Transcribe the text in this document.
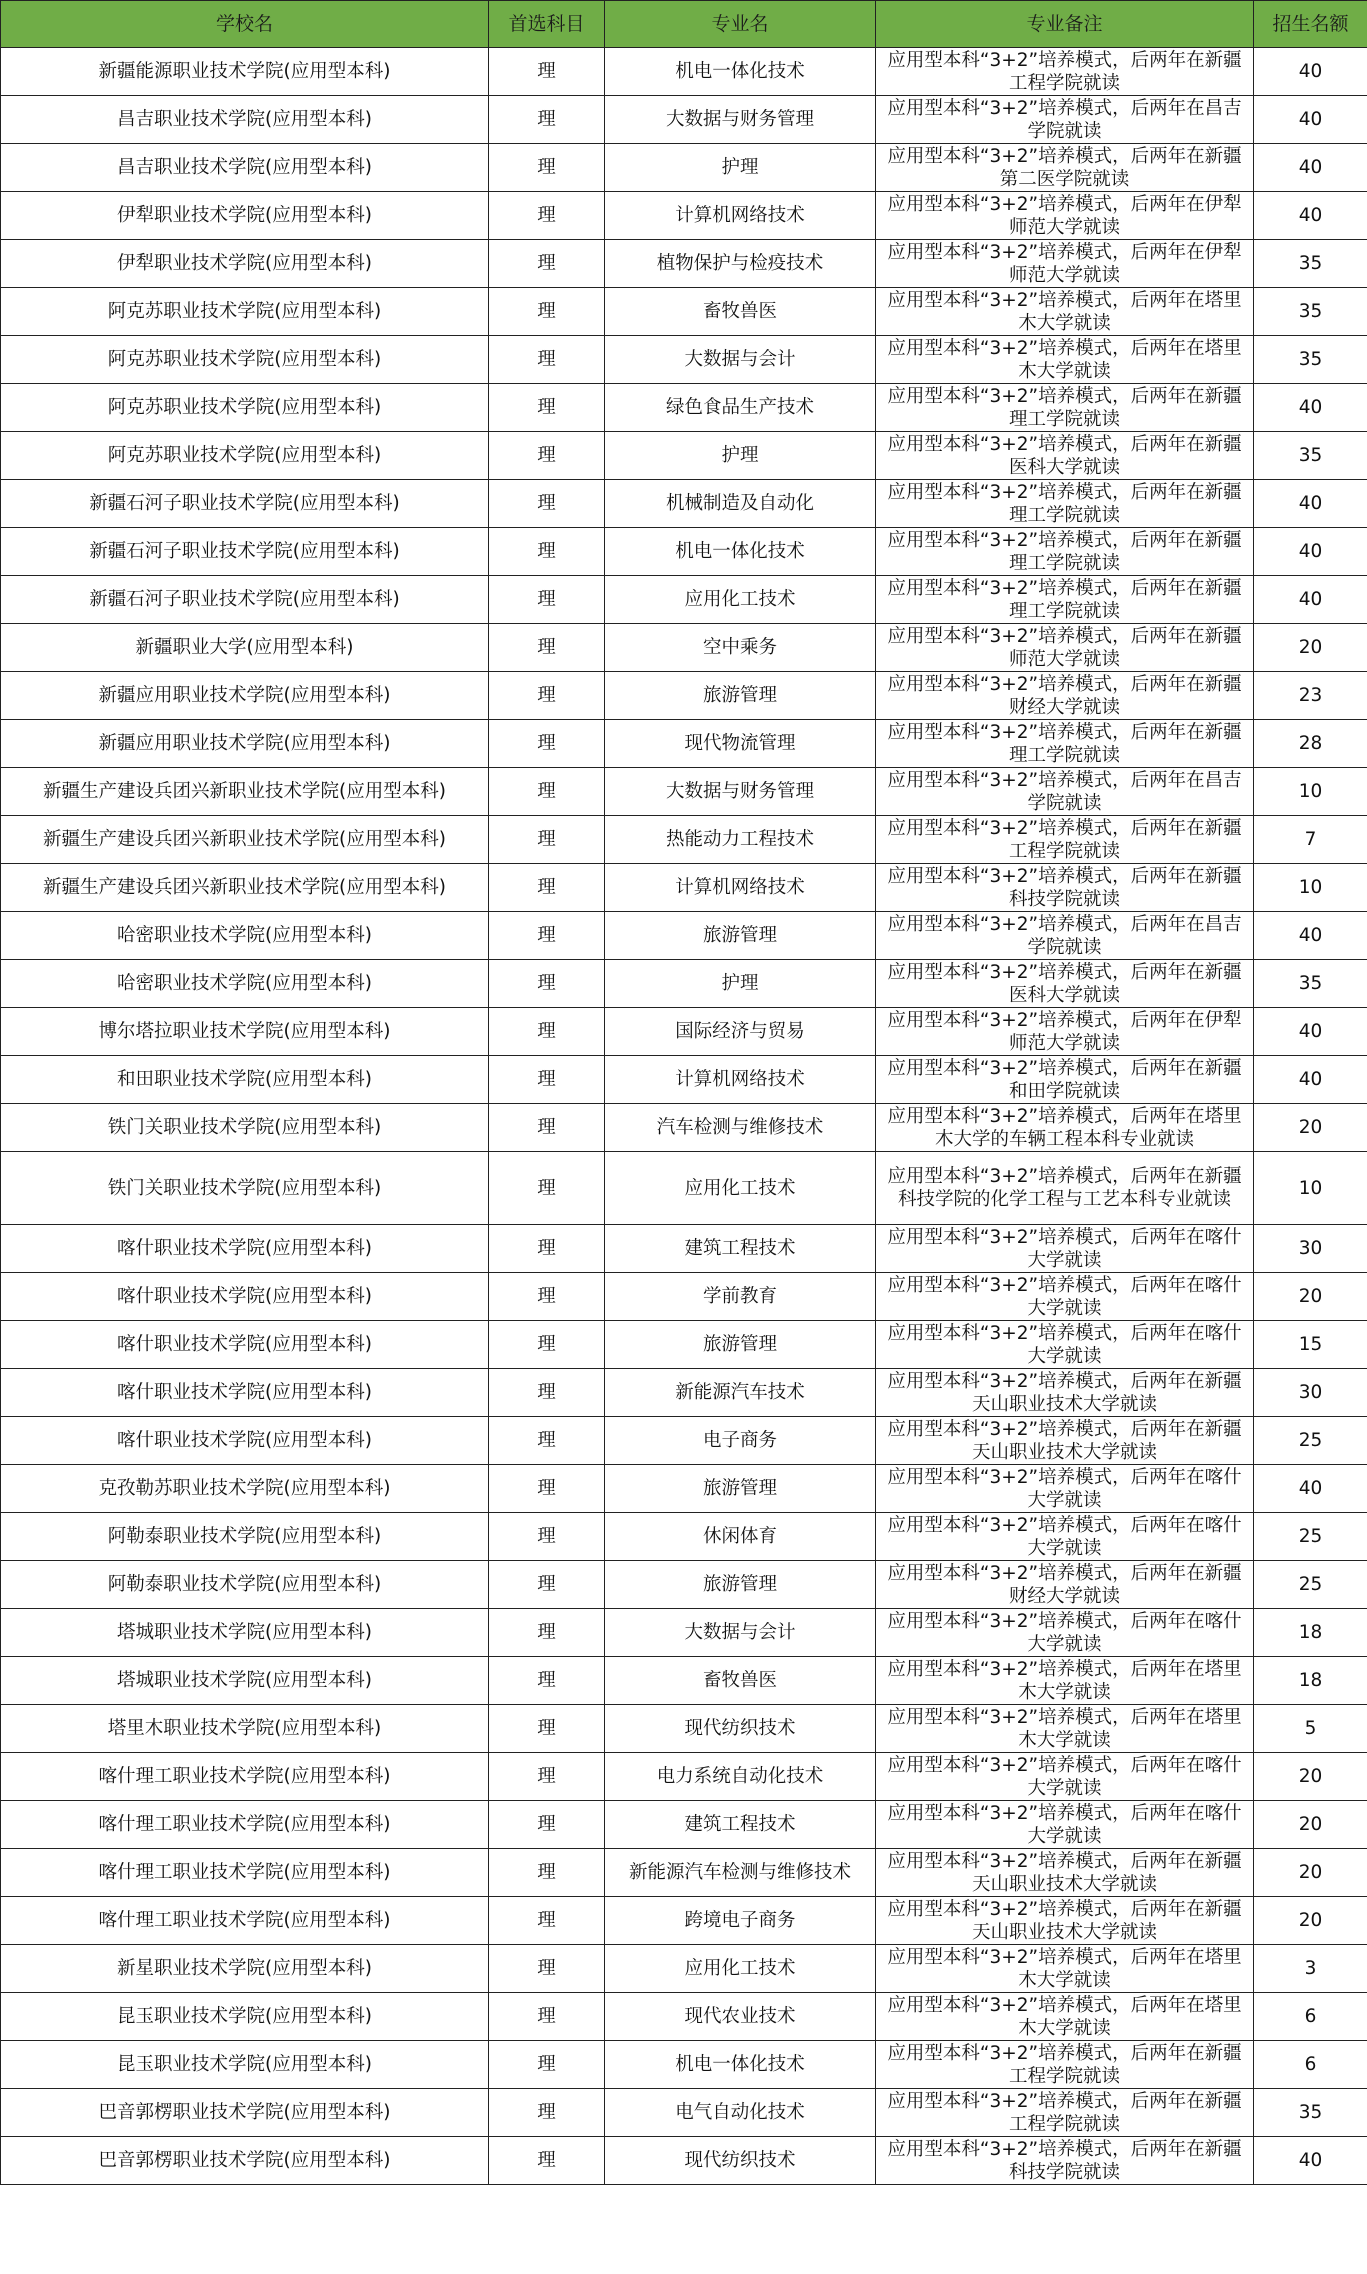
学校名	首选科目	专业名	专业备注	招生名额
新疆能源职业技术学院(应用型本科)	理	机电一体化技术	应用型本科“3+2”培养模式，后两年在新疆工程学院就读	40
昌吉职业技术学院(应用型本科)	理	大数据与财务管理	应用型本科“3+2”培养模式，后两年在昌吉学院就读	40
昌吉职业技术学院(应用型本科)	理	护理	应用型本科“3+2”培养模式，后两年在新疆第二医学院就读	40
伊犁职业技术学院(应用型本科)	理	计算机网络技术	应用型本科“3+2”培养模式，后两年在伊犁师范大学就读	40
伊犁职业技术学院(应用型本科)	理	植物保护与检疫技术	应用型本科“3+2”培养模式，后两年在伊犁师范大学就读	35
阿克苏职业技术学院(应用型本科)	理	畜牧兽医	应用型本科“3+2”培养模式，后两年在塔里木大学就读	35
阿克苏职业技术学院(应用型本科)	理	大数据与会计	应用型本科“3+2”培养模式，后两年在塔里木大学就读	35
阿克苏职业技术学院(应用型本科)	理	绿色食品生产技术	应用型本科“3+2”培养模式，后两年在新疆理工学院就读	40
阿克苏职业技术学院(应用型本科)	理	护理	应用型本科“3+2”培养模式，后两年在新疆医科大学就读	35
新疆石河子职业技术学院(应用型本科)	理	机械制造及自动化	应用型本科“3+2”培养模式，后两年在新疆理工学院就读	40
新疆石河子职业技术学院(应用型本科)	理	机电一体化技术	应用型本科“3+2”培养模式，后两年在新疆理工学院就读	40
新疆石河子职业技术学院(应用型本科)	理	应用化工技术	应用型本科“3+2”培养模式，后两年在新疆理工学院就读	40
新疆职业大学(应用型本科)	理	空中乘务	应用型本科“3+2”培养模式，后两年在新疆师范大学就读	20
新疆应用职业技术学院(应用型本科)	理	旅游管理	应用型本科“3+2”培养模式，后两年在新疆财经大学就读	23
新疆应用职业技术学院(应用型本科)	理	现代物流管理	应用型本科“3+2”培养模式，后两年在新疆理工学院就读	28
新疆生产建设兵团兴新职业技术学院(应用型本科)	理	大数据与财务管理	应用型本科“3+2”培养模式，后两年在昌吉学院就读	10
新疆生产建设兵团兴新职业技术学院(应用型本科)	理	热能动力工程技术	应用型本科“3+2”培养模式，后两年在新疆工程学院就读	7
新疆生产建设兵团兴新职业技术学院(应用型本科)	理	计算机网络技术	应用型本科“3+2”培养模式，后两年在新疆科技学院就读	10
哈密职业技术学院(应用型本科)	理	旅游管理	应用型本科“3+2”培养模式，后两年在昌吉学院就读	40
哈密职业技术学院(应用型本科)	理	护理	应用型本科“3+2”培养模式，后两年在新疆医科大学就读	35
博尔塔拉职业技术学院(应用型本科)	理	国际经济与贸易	应用型本科“3+2”培养模式，后两年在伊犁师范大学就读	40
和田职业技术学院(应用型本科)	理	计算机网络技术	应用型本科“3+2”培养模式，后两年在新疆和田学院就读	40
铁门关职业技术学院(应用型本科)	理	汽车检测与维修技术	应用型本科“3+2”培养模式，后两年在塔里木大学的车辆工程本科专业就读	20
铁门关职业技术学院(应用型本科)	理	应用化工技术	应用型本科“3+2”培养模式，后两年在新疆科技学院的化学工程与工艺本科专业就读	10
喀什职业技术学院(应用型本科)	理	建筑工程技术	应用型本科“3+2”培养模式，后两年在喀什大学就读	30
喀什职业技术学院(应用型本科)	理	学前教育	应用型本科“3+2”培养模式，后两年在喀什大学就读	20
喀什职业技术学院(应用型本科)	理	旅游管理	应用型本科“3+2”培养模式，后两年在喀什大学就读	15
喀什职业技术学院(应用型本科)	理	新能源汽车技术	应用型本科“3+2”培养模式，后两年在新疆天山职业技术大学就读	30
喀什职业技术学院(应用型本科)	理	电子商务	应用型本科“3+2”培养模式，后两年在新疆天山职业技术大学就读	25
克孜勒苏职业技术学院(应用型本科)	理	旅游管理	应用型本科“3+2”培养模式，后两年在喀什大学就读	40
阿勒泰职业技术学院(应用型本科)	理	休闲体育	应用型本科“3+2”培养模式，后两年在喀什大学就读	25
阿勒泰职业技术学院(应用型本科)	理	旅游管理	应用型本科“3+2”培养模式，后两年在新疆财经大学就读	25
塔城职业技术学院(应用型本科)	理	大数据与会计	应用型本科“3+2”培养模式，后两年在喀什大学就读	18
塔城职业技术学院(应用型本科)	理	畜牧兽医	应用型本科“3+2”培养模式，后两年在塔里木大学就读	18
塔里木职业技术学院(应用型本科)	理	现代纺织技术	应用型本科“3+2”培养模式，后两年在塔里木大学就读	5
喀什理工职业技术学院(应用型本科)	理	电力系统自动化技术	应用型本科“3+2”培养模式，后两年在喀什大学就读	20
喀什理工职业技术学院(应用型本科)	理	建筑工程技术	应用型本科“3+2”培养模式，后两年在喀什大学就读	20
喀什理工职业技术学院(应用型本科)	理	新能源汽车检测与维修技术	应用型本科“3+2”培养模式，后两年在新疆天山职业技术大学就读	20
喀什理工职业技术学院(应用型本科)	理	跨境电子商务	应用型本科“3+2”培养模式，后两年在新疆天山职业技术大学就读	20
新星职业技术学院(应用型本科)	理	应用化工技术	应用型本科“3+2”培养模式，后两年在塔里木大学就读	3
昆玉职业技术学院(应用型本科)	理	现代农业技术	应用型本科“3+2”培养模式，后两年在塔里木大学就读	6
昆玉职业技术学院(应用型本科)	理	机电一体化技术	应用型本科“3+2”培养模式，后两年在新疆工程学院就读	6
巴音郭楞职业技术学院(应用型本科)	理	电气自动化技术	应用型本科“3+2”培养模式，后两年在新疆工程学院就读	35
巴音郭楞职业技术学院(应用型本科)	理	现代纺织技术	应用型本科“3+2”培养模式，后两年在新疆科技学院就读	40
